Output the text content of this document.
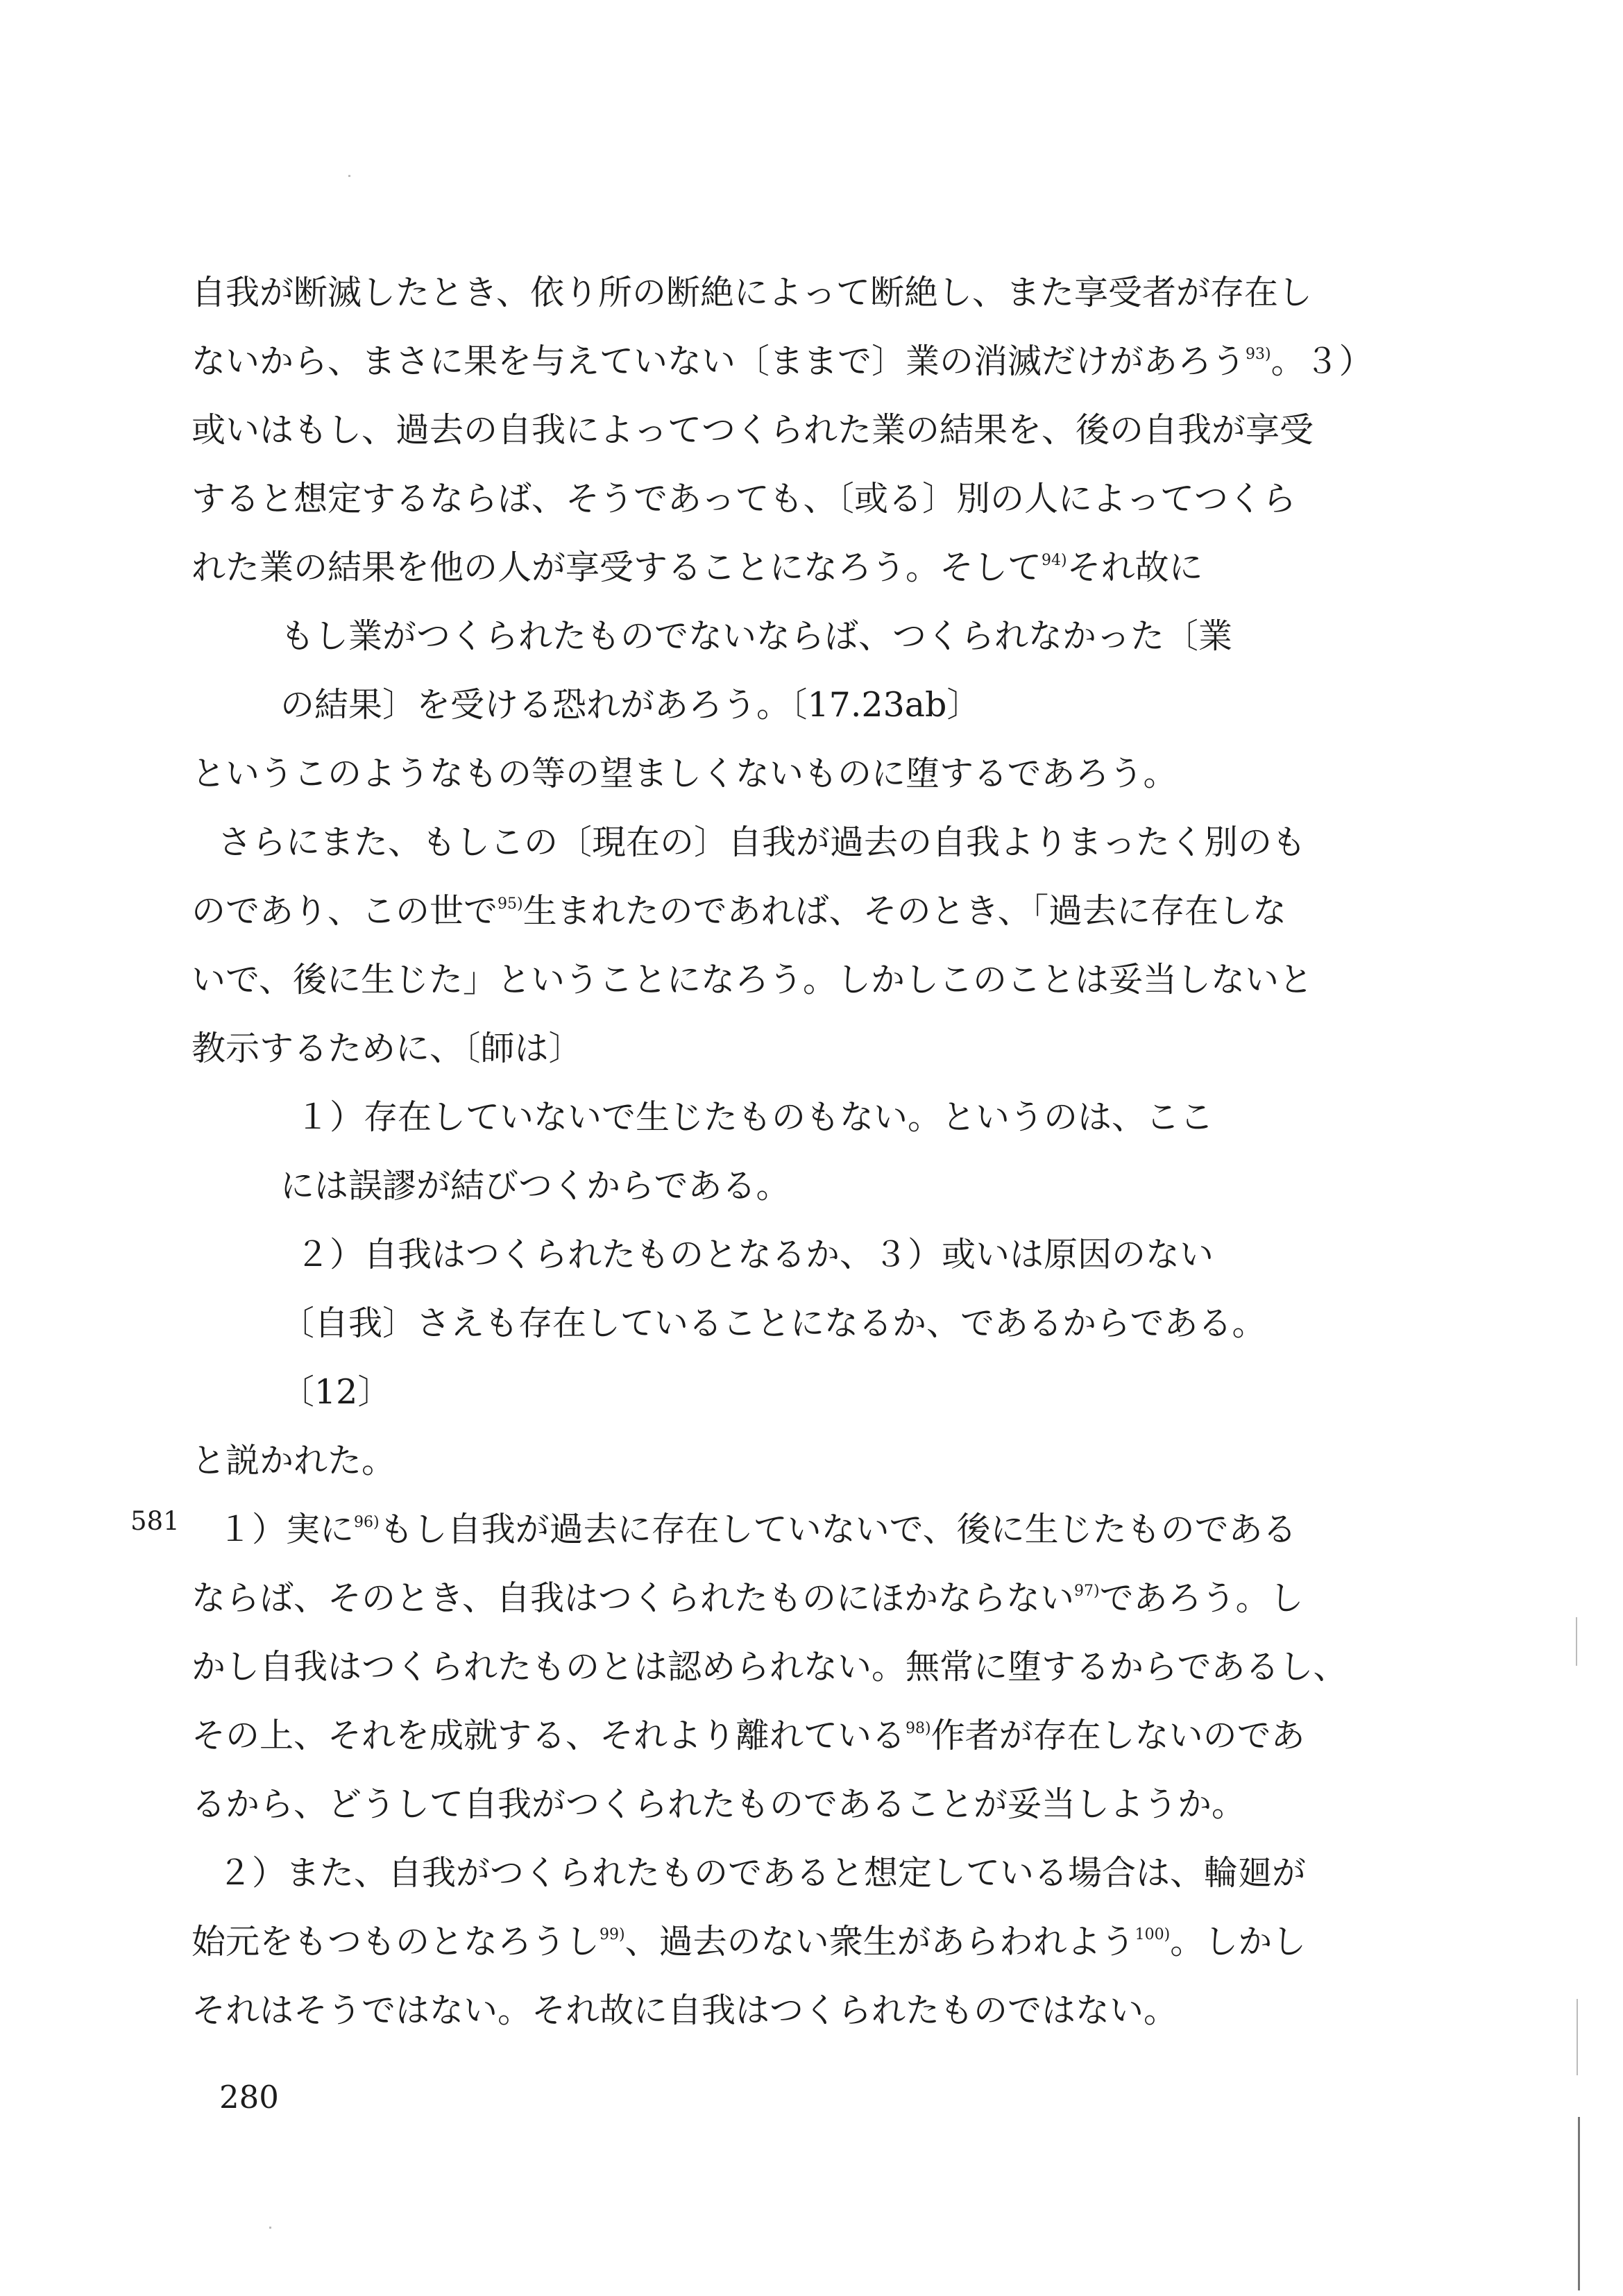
自我が断滅したとき、依り所の断絶によって断絶し、また享受者が存在し
ないから、まさに果を与えていない〔ままで〕業の消滅だけがあろう$^{93)}$。３）
或いはもし、過去の自我によってつくられた業の結果を、後の自我が享受
すると想定するならば、そうであっても、〔或る〕別の人によってつくら
れた業の結果を他の人が享受することになろう。そして$^{94)}$それ故に
もし業がつくられたものでないならば、つくられなかった〔業
の結果〕を受ける恐れがあろう。〔17.23ab〕
というこのようなもの等の望ましくないものに堕するであろう。
さらにまた、もしこの〔現在の〕自我が過去の自我よりまったく別のも
のであり、この世で$^{95)}$生まれたのであれば、そのとき、「過去に存在しな
いで、後に生じた」ということになろう。しかしこのことは妥当しないと
教示するために、〔師は〕
１）存在していないで生じたものもない。というのは、ここ
には誤謬が結びつくからである。
２）自我はつくられたものとなるか、３）或いは原因のない
〔自我〕さえも存在していることになるか、であるからである。
〔12〕
と説かれた。
１）実に$^{96)}$もし自我が過去に存在していないで、後に生じたものである
ならば、そのとき、自我はつくられたものにほかならない$^{97)}$であろう。し
かし自我はつくられたものとは認められない。無常に堕するからであるし、
その上、それを成就する、それより離れている$^{98)}$作者が存在しないのであ
るから、どうして自我がつくられたものであることが妥当しようか。
２）また、自我がつくられたものであると想定している場合は、輪廻が
始元をもつものとなろうし$^{99)}$、過去のない衆生があらわれよう$^{100)}$。しかし
それはそうではない。それ故に自我はつくられたものではない。
581
280
